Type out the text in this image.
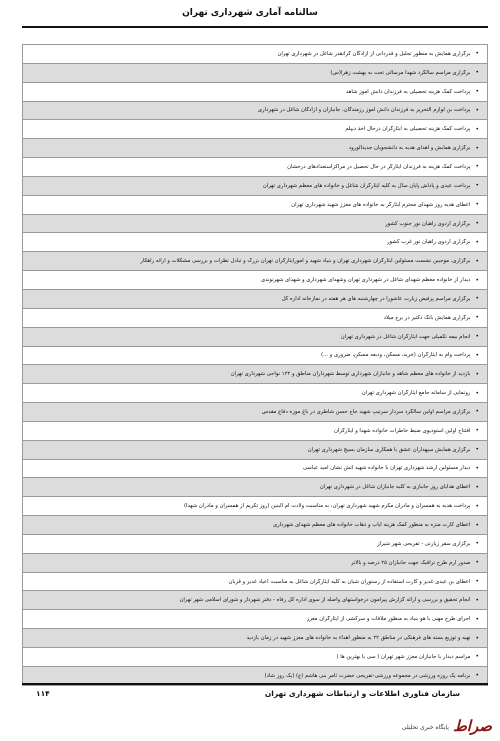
سالنامه آماری شهرداری تهران
•
برگزاری همایش به منظور تجلیل و قدردانی از آزادگان گرانقدر شاغل در شهرداری تهران
•
برگزاری مراسم سالگرد شهدا مرسالی تحت به بهشت زهرا(س)
•
پرداخت کمک هزینه تحصیلی به فرزندان دانش آموز شاهد
•
پرداخت بن لوازم التحریر به فرزندان دانش آموز رزمندگان، جانبازان و آزادگان شاغل در شهرداری
•
پرداخت کمک هزینه تحصیلی به ایثارگران درحال اخذ دیپلم
•
برگزاری همایش و اهدای هدیه به دانشجویان جدیدالورود
•
پرداخت کمک هزینه به فرزندان ایثارگر در حال تحصیل در مراکزاستعدادهای درخشان
•
پرداخت عیدی و پاداش پایان سال به کلیه ایثارگران شاغل و خانواده های معظم شهرداری تهران
•
اعطای هدیه روز شهدای محترم ایثارگر به خانواده های معزز شهید شهرداری تهران
•
برگزاری اردوی راهیان نور جنوب کشور
•
برگزاری اردوی راهیان نور غرب کشور
•
برگزاری، موجبین نشست مسئولین ایثارگران شهرداری تهران و بنیاد شهید و امورایثارگران تهران بزرگ و تبادل نظرات و بررسی مشکلات و ارائه راهکار
•
دیدار از خانواده معظم شهدای شاغل در شهرداری تهران وشهدای شهرداری و شهدای شهرنوندی
•
برگزاری مراسم پرفیض زیارت عاشورا در چهارشنبه های هر هفته در نمازخانه اداره کل
•
برگزاری همایش بانگ دکتیر در برج میلاد
•
انجام بیمه تکمیلی جهت ایثارگران شاغل در شهرداری تهران
•
پرداخت وام به ایثارگران (خرید، مسکن، ودیعه مسکن، ضروری و ...)
•
بازدید از خانواده های معظم شاهد و جانبازان شهرداری توسط شهرداران مناطق و ۱۲۲ نواحی شهرداری تهران
•
رونمایی از سامانه جامع ایثارگران شهرداری تهران
•
برگزاری مراسم اولین سالگرد سردار سرتیپ شهید حاج حسن شاطری در باغ موزه دفاع مقدس
•
افتتاح اولین استودیوی ضبط خاطرات خانواده شهدا و ایثارگران
•
برگزاری همایش سپهداران عشق با همکاری سازمان بسیج شهرداری تهران
•
دیدار مسئولین ارشد شهرداری تهران با خانواده شهید آتش نشان امید عباسی
•
اعطای هدایای روز جانبازی به کلیه جانبازان شاغل در شهرداری تهران
•
پرداخت هدیه به همسران و مادران مکرم شهید شهرداری تهران، به مناسبت ولادت ام البنین (روز تکریم از همسران و مادران شهدا)
•
اعطای کارت منزه به منظور کمک هزینه ایاب و ذهاب خانواده های معظم شهدای شهرداری
•
برگزاری سفر زیارتی - تفریحی شهر شیراز
•
صدور آرم طرح ترافیک جهت جانبازان ۲۵ درصد و بالاتر
•
اعطای بن عیدی غدیر و کارت استفاده از رستوران شیان به کلیه ایثارگران شاغل به مناسبت اعیاد غدیر و قربان
•
انجام تحقیق و بررسی و ارائه گزارش پیرامون درخواستهای واصله از سوی اداره کل رفاه - دفتر شهردار و شورای اسلامی شهر تهران
•
اجرای طرح مهنی با هو بنیاد به منظور ملاقات و سرکشی از ایثارگران معزز
•
تهیه و توزیع بسته های فرهنگی در مناطق ۲۲ به منظور اهداء به خانواده های معزز شهید در زمان بازدید
•
مراسم دیدار با جانبازان معزز شهر تهران ( سی با بهترین ها )
•
برنامه یک روزه ورزشی در مجموعه ورزشی-تفریحی حضرت ثامر بنی هاشم (ع) (یک روز شاد)
سازمان فناوری اطلاعات و ارتباطات شهرداری تهران
۱۱۴
صراط
پایگاه خبری تحلیلی
